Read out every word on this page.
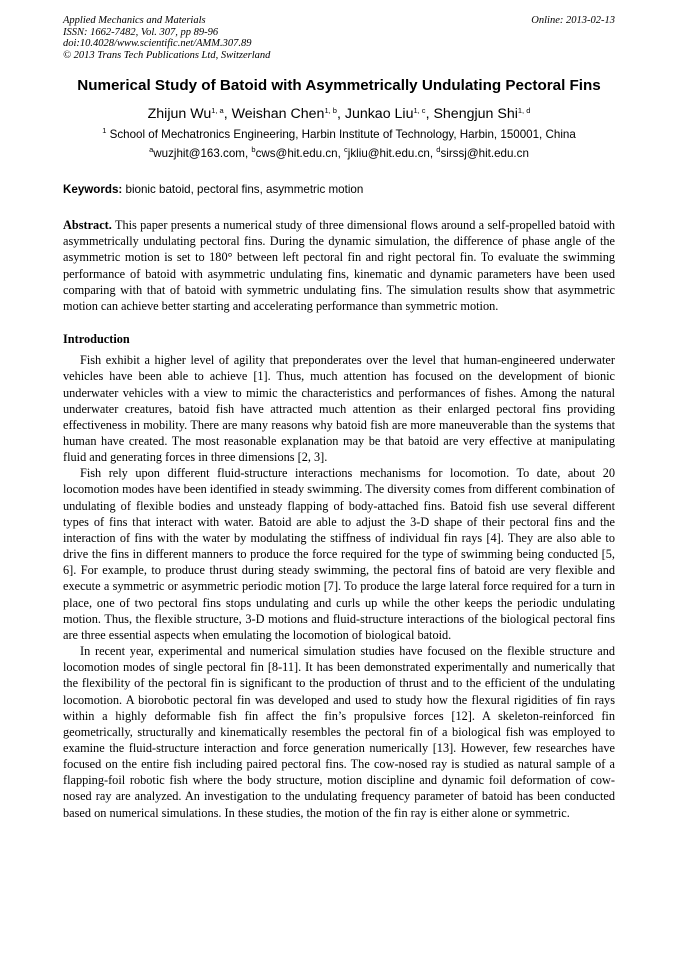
Applied Mechanics and Materials
ISSN: 1662-7482, Vol. 307, pp 89-96
doi:10.4028/www.scientific.net/AMM.307.89
© 2013 Trans Tech Publications Ltd, Switzerland
Online: 2013-02-13
Numerical Study of Batoid with Asymmetrically Undulating Pectoral Fins
Zhijun Wu$^{1, a}$, Weishan Chen$^{1, b}$, Junkao Liu$^{1, c}$, Shengjun Shi$^{1, d}$
$^1$ School of Mechatronics Engineering, Harbin Institute of Technology, Harbin, 150001, China
$^a$wuzjhit@163.com, $^b$cws@hit.edu.cn, $^c$jkliu@hit.edu.cn, $^d$sirssj@hit.edu.cn
Keywords: bionic batoid, pectoral fins, asymmetric motion
Abstract. This paper presents a numerical study of three dimensional flows around a self-propelled batoid with asymmetrically undulating pectoral fins. During the dynamic simulation, the difference of phase angle of the asymmetric motion is set to 180° between left pectoral fin and right pectoral fin. To evaluate the swimming performance of batoid with asymmetric undulating fins, kinematic and dynamic parameters have been used comparing with that of batoid with symmetric undulating fins. The simulation results show that asymmetric motion can achieve better starting and accelerating performance than symmetric motion.
Introduction

Fish exhibit a higher level of agility that preponderates over the level that human-engineered underwater vehicles have been able to achieve [1]. Thus, much attention has focused on the development of bionic underwater vehicles with a view to mimic the characteristics and performances of fishes. Among the natural underwater creatures, batoid fish have attracted much attention as their enlarged pectoral fins providing effectiveness in mobility. There are many reasons why batoid fish are more maneuverable than the systems that human have created. The most reasonable explanation may be that batoid are very effective at manipulating fluid and generating forces in three dimensions [2, 3].

Fish rely upon different fluid-structure interactions mechanisms for locomotion. To date, about 20 locomotion modes have been identified in steady swimming. The diversity comes from different combination of undulating of flexible bodies and unsteady flapping of body-attached fins. Batoid fish use several different types of fins that interact with water. Batoid are able to adjust the 3-D shape of their pectoral fins and the interaction of fins with the water by modulating the stiffness of individual fin rays [4]. They are also able to drive the fins in different manners to produce the force required for the type of swimming being conducted [5, 6]. For example, to produce thrust during steady swimming, the pectoral fins of batoid are very flexible and execute a symmetric or asymmetric periodic motion [7]. To produce the large lateral force required for a turn in place, one of two pectoral fins stops undulating and curls up while the other keeps the periodic undulating motion. Thus, the flexible structure, 3-D motions and fluid-structure interactions of the biological pectoral fins are three essential aspects when emulating the locomotion of biological batoid.

In recent year, experimental and numerical simulation studies have focused on the flexible structure and locomotion modes of single pectoral fin [8-11]. It has been demonstrated experimentally and numerically that the flexibility of the pectoral fin is significant to the production of thrust and to the efficient of the undulating locomotion. A biorobotic pectoral fin was developed and used to study how the flexural rigidities of fin rays within a highly deformable fish fin affect the fin’s propulsive forces [12]. A skeleton-reinforced fin geometrically, structurally and kinematically resembles the pectoral fin of a biological fish was employed to examine the fluid-structure interaction and force generation numerically [13]. However, few researches have focused on the entire fish including paired pectoral fins. The cow-nosed ray is studied as natural sample of a flapping-foil robotic fish where the body structure, motion discipline and dynamic foil deformation of cow-nosed ray are analyzed. An investigation to the undulating frequency parameter of batoid has been conducted based on numerical simulations. In these studies, the motion of the fin ray is either alone or symmetric.
